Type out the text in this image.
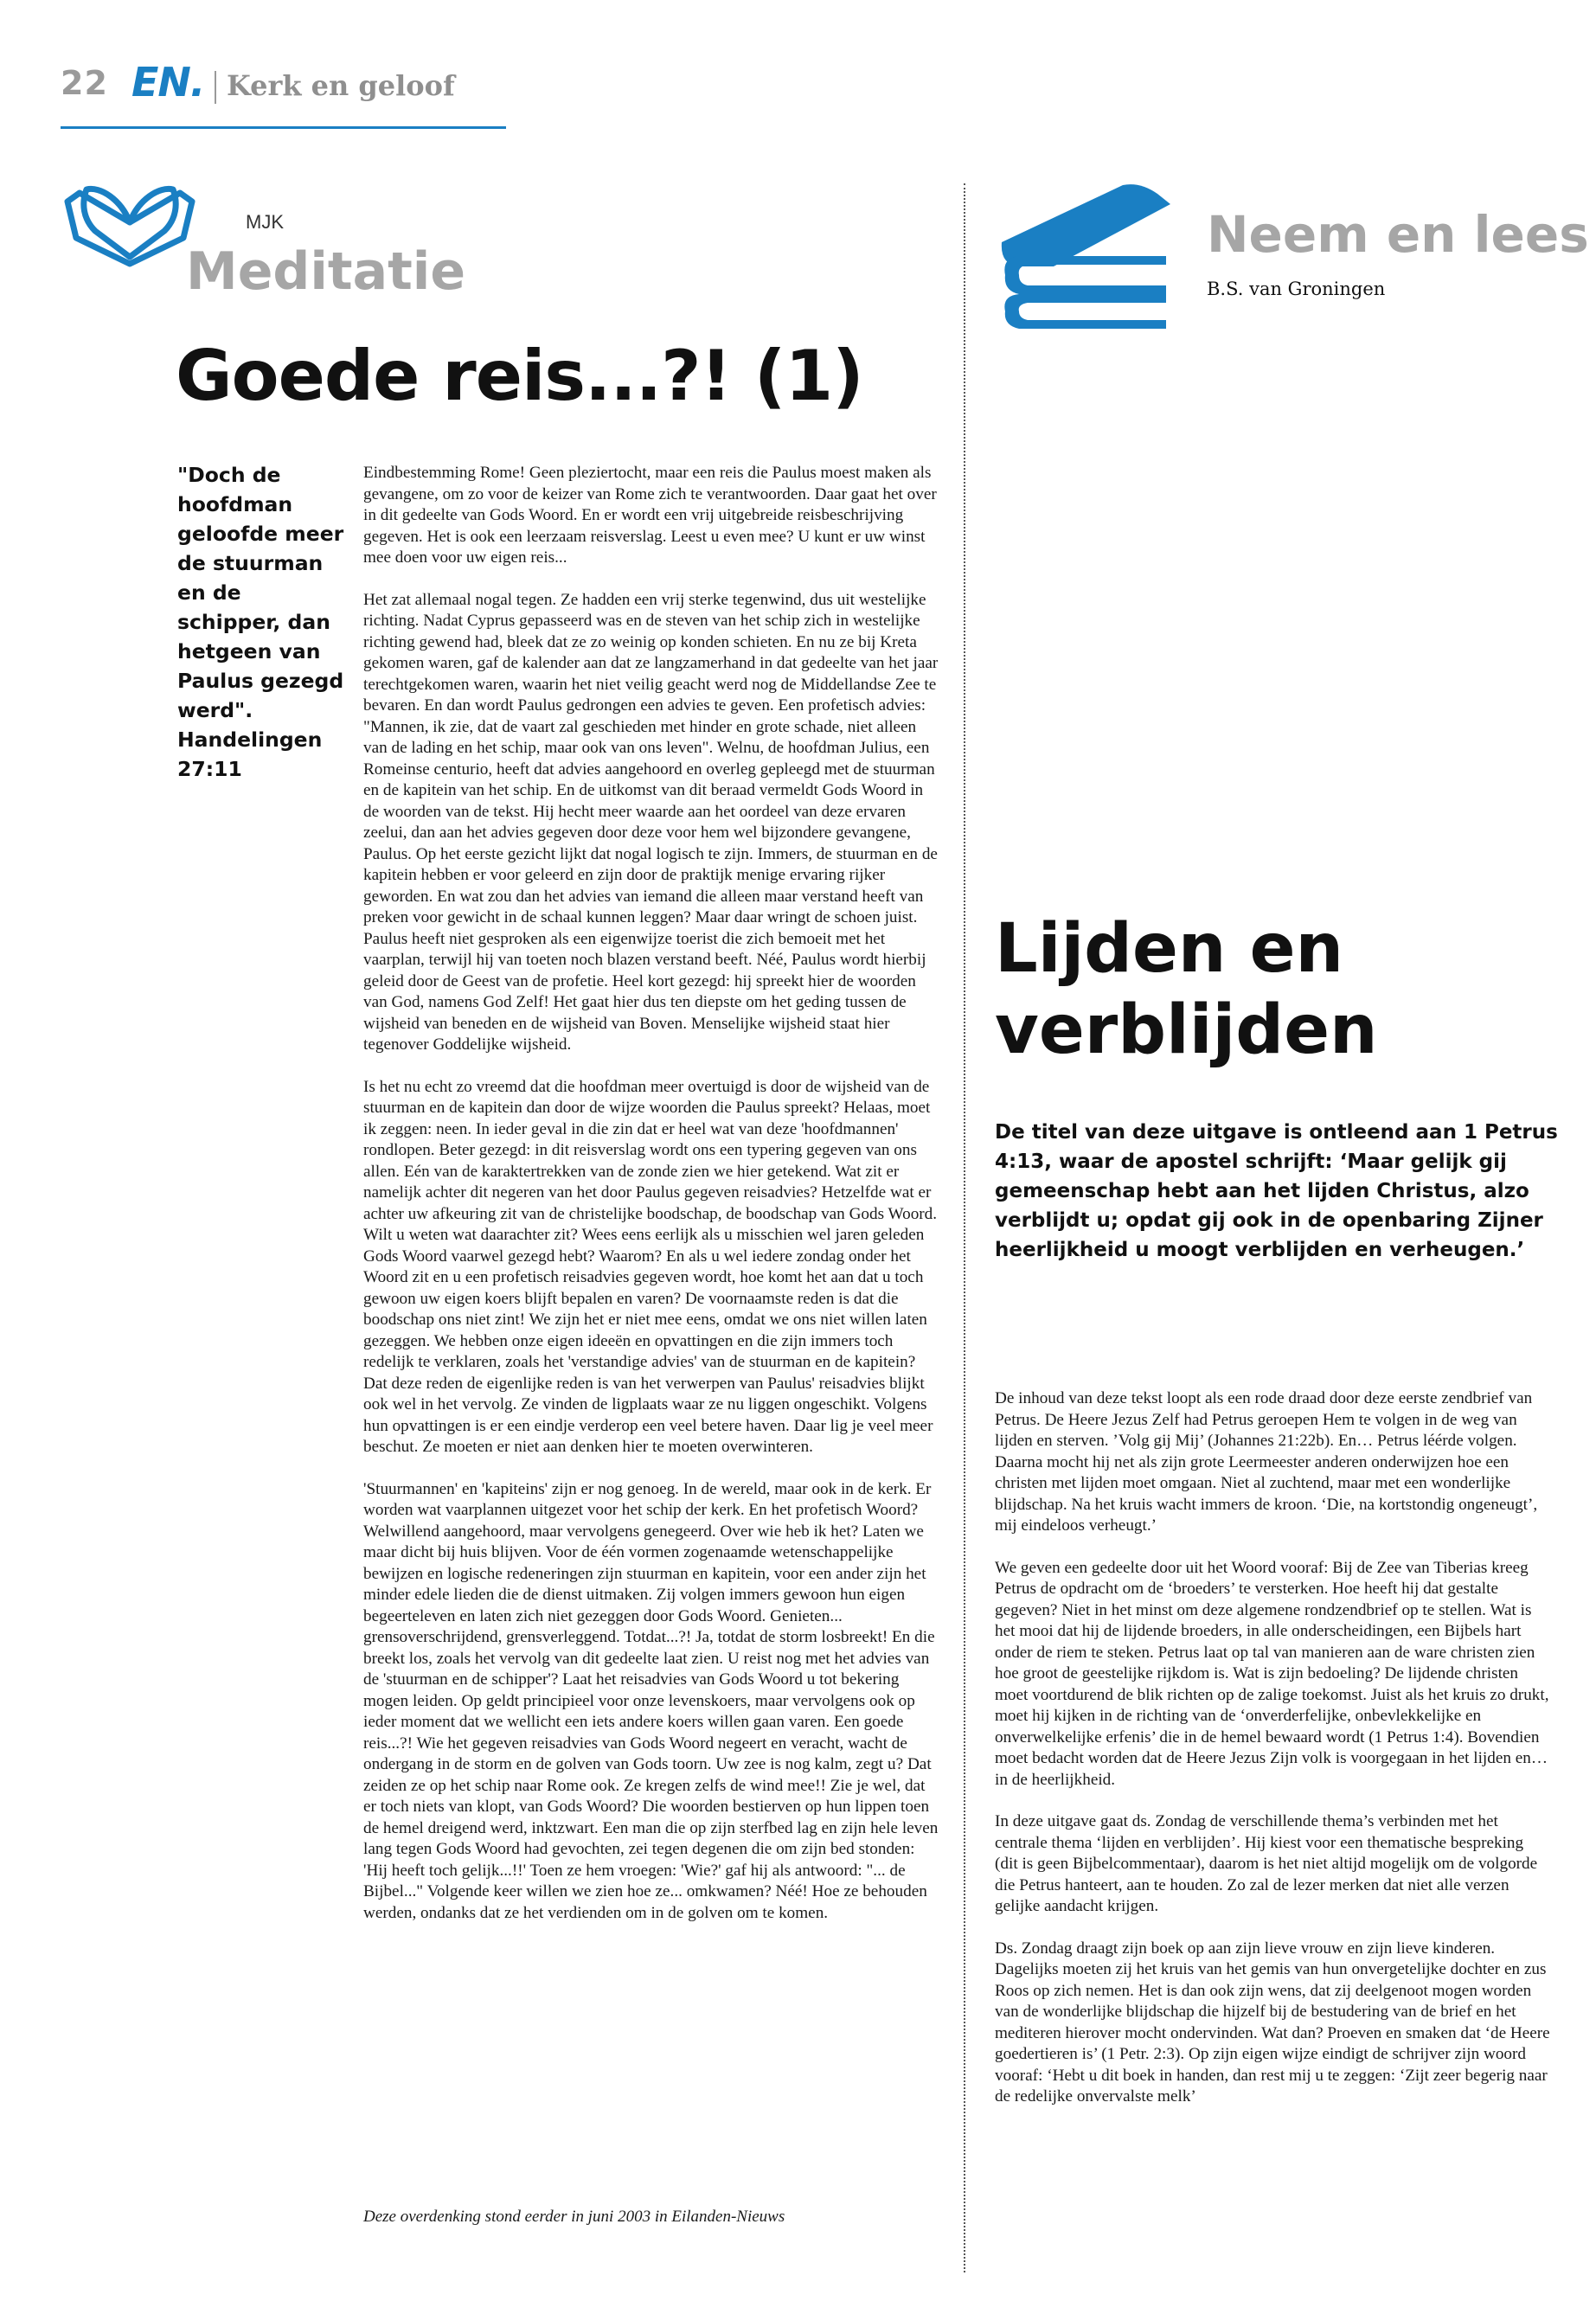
22 EN. Kerk en geloof
MJK
Meditatie
Goede reis...?! (1)
"Doch de hoofdman geloofde meer de stuurman en de schipper, dan hetgeen van Paulus gezegd werd". Handelingen 27:11

Eindbestemming Rome! Geen pleziertocht, maar een reis die Paulus moest maken als gevangene, om zo voor de keizer van Rome zich te verantwoorden. Daar gaat het over in dit gedeelte van Gods Woord. En er wordt een vrij uitgebreide reisbeschrijving gegeven. Het is ook een leerzaam reisverslag. Leest u even mee? U kunt er uw winst mee doen voor uw eigen reis...

Het zat allemaal nogal tegen. Ze hadden een vrij sterke tegenwind, dus uit westelijke richting. Nadat Cyprus gepasseerd was en de steven van het schip zich in westelijke richting gewend had, bleek dat ze zo weinig op konden schieten. En nu ze bij Kreta gekomen waren, gaf de kalender aan dat ze langzamerhand in dat gedeelte van het jaar terechtgekomen waren, waarin het niet veilig geacht werd nog de Middellandse Zee te bevaren. En dan wordt Paulus gedrongen een advies te geven. Een profetisch advies: "Mannen, ik zie, dat de vaart zal geschieden met hinder en grote schade, niet alleen van de lading en het schip, maar ook van ons leven". Welnu, de hoofdman Julius, een Romeinse centurio, heeft dat advies aangehoord en overleg gepleegd met de stuurman en de kapitein van het schip. En de uitkomst van dit beraad vermeldt Gods Woord in de woorden van de tekst. Hij hecht meer waarde aan het oordeel van deze ervaren zeelui, dan aan het advies gegeven door deze voor hem wel bijzondere gevangene, Paulus. Op het eerste gezicht lijkt dat nogal logisch te zijn. Immers, de stuurman en de kapitein hebben er voor geleerd en zijn door de praktijk menige ervaring rijker geworden. En wat zou dan het advies van iemand die alleen maar verstand heeft van preken voor gewicht in de schaal kunnen leggen? Maar daar wringt de schoen juist. Paulus heeft niet gesproken als een eigenwijze toerist die zich bemoeit met het vaarplan, terwijl hij van toeten noch blazen verstand beeft. Néé, Paulus wordt hierbij geleid door de Geest van de profetie. Heel kort gezegd: hij spreekt hier de woorden van God, namens God Zelf! Het gaat hier dus ten diepste om het geding tussen de wijsheid van beneden en de wijsheid van Boven. Menselijke wijsheid staat hier tegenover Goddelijke wijsheid.

Is het nu echt zo vreemd dat die hoofdman meer overtuigd is door de wijsheid van de stuurman en de kapitein dan door de wijze woorden die Paulus spreekt? Helaas, moet ik zeggen: neen. In ieder geval in die zin dat er heel wat van deze 'hoofdmannen' rondlopen. Beter gezegd: in dit reisverslag wordt ons een typering gegeven van ons allen. Eén van de karaktertrekken van de zonde zien we hier getekend. Wat zit er namelijk achter dit negeren van het door Paulus gegeven reisadvies? Hetzelfde wat er achter uw afkeuring zit van de christelijke boodschap, de boodschap van Gods Woord. Wilt u weten wat daarachter zit? Wees eens eerlijk als u misschien wel jaren geleden Gods Woord vaarwel gezegd hebt? Waarom? En als u wel iedere zondag onder het Woord zit en u een profetisch reisadvies gegeven wordt, hoe komt het aan dat u toch gewoon uw eigen koers blijft bepalen en varen? De voornaamste reden is dat die boodschap ons niet zint! We zijn het er niet mee eens, omdat we ons niet willen laten gezeggen. We hebben onze eigen ideeën en opvattingen en die zijn immers toch redelijk te verklaren, zoals het 'verstandige advies' van de stuurman en de kapitein? Dat deze reden de eigenlijke reden is van het verwerpen van Paulus' reisadvies blijkt ook wel in het vervolg. Ze vinden de ligplaats waar ze nu liggen ongeschikt. Volgens hun opvattingen is er een eindje verderop een veel betere haven. Daar lig je veel meer beschut. Ze moeten er niet aan denken hier te moeten overwinteren.

'Stuurmannen' en 'kapiteins' zijn er nog genoeg. In de wereld, maar ook in de kerk. Er worden wat vaarplannen uitgezet voor het schip der kerk. En het profetisch Woord? Welwillend aangehoord, maar vervolgens genegeerd. Over wie heb ik het? Laten we maar dicht bij huis blijven. Voor de één vormen zogenaamde wetenschappelijke bewijzen en logische redeneringen zijn stuurman en kapitein, voor een ander zijn het minder edele lieden die de dienst uitmaken. Zij volgen immers gewoon hun eigen begeerteleven en laten zich niet gezeggen door Gods Woord. Genieten... grensoverschrijdend, grensverleggend. Totdat...?! Ja, totdat de storm losbreekt! En die breekt los, zoals het vervolg van dit gedeelte laat zien. U reist nog met het advies van de 'stuurman en de schipper'? Laat het reisadvies van Gods Woord u tot bekering mogen leiden. Op geldt principieel voor onze levenskoers, maar vervolgens ook op ieder moment dat we wellicht een iets andere koers willen gaan varen. Een goede reis...?! Wie het gegeven reisadvies van Gods Woord negeert en veracht, wacht de ondergang in de storm en de golven van Gods toorn. Uw zee is nog kalm, zegt u? Dat zeiden ze op het schip naar Rome ook. Ze kregen zelfs de wind mee!! Zie je wel, dat er toch niets van klopt, van Gods Woord? Die woorden bestierven op hun lippen toen de hemel dreigend werd, inktzwart. Een man die op zijn sterfbed lag en zijn hele leven lang tegen Gods Woord had gevochten, zei tegen degenen die om zijn bed stonden: 'Hij heeft toch gelijk...!!' Toen ze hem vroegen: 'Wie?' gaf hij als antwoord: "... de Bijbel..." Volgende keer willen we zien hoe ze... omkwamen? Néé! Hoe ze behouden werden, ondanks dat ze het verdienden om in de golven om te komen.

Deze overdenking stond eerder in juni 2003 in Eilanden-Nieuws
Neem en lees
B.S. van Groningen
Lijden en verblijden
De titel van deze uitgave is ontleend aan 1 Petrus 4:13, waar de apostel schrijft: ‘Maar gelijk gij gemeenschap hebt aan het lijden Christus, alzo verblijdt u; opdat gij ook in de openbaring Zijner heerlijkheid u moogt verblijden en verheugen.’

De inhoud van deze tekst loopt als een rode draad door deze eerste zendbrief van Petrus. De Heere Jezus Zelf had Petrus geroepen Hem te volgen in de weg van lijden en sterven. ’Volg gij Mij’ (Johannes 21:22b). En… Petrus léérde volgen. Daarna mocht hij net als zijn grote Leermeester anderen onderwijzen hoe een christen met lijden moet omgaan. Niet al zuchtend, maar met een wonderlijke blijdschap. Na het kruis wacht immers de kroon. ‘Die, na kortstondig ongeneugt’, mij eindeloos verheugt.’

We geven een gedeelte door uit het Woord vooraf: Bij de Zee van Tiberias kreeg Petrus de opdracht om de ‘broeders’ te versterken. Hoe heeft hij dat gestalte gegeven? Niet in het minst om deze algemene rondzendbrief op te stellen. Wat is het mooi dat hij de lijdende broeders, in alle onderscheidingen, een Bijbels hart onder de riem te steken. Petrus laat op tal van manieren aan de ware christen zien hoe groot de geestelijke rijkdom is. Wat is zijn bedoeling? De lijdende christen moet voortdurend de blik richten op de zalige toekomst. Juist als het kruis zo drukt, moet hij kijken in de richting van de ‘onverderfelijke, onbevlekkelijke en onverwelkelijke erfenis’ die in de hemel bewaard wordt (1 Petrus 1:4). Bovendien moet bedacht worden dat de Heere Jezus Zijn volk is voorgegaan in het lijden en… in de heerlijkheid.

In deze uitgave gaat ds. Zondag de verschillende thema’s verbinden met het centrale thema ‘lijden en verblijden’. Hij kiest voor een thematische bespreking (dit is geen Bijbelcommentaar), daarom is het niet altijd mogelijk om de volgorde die Petrus hanteert, aan te houden. Zo zal de lezer merken dat niet alle verzen gelijke aandacht krijgen.

Ds. Zondag draagt zijn boek op aan zijn lieve vrouw en zijn lieve kinderen. Dagelijks moeten zij het kruis van het gemis van hun onvergetelijke dochter en zus Roos op zich nemen. Het is dan ook zijn wens, dat zij deelgenoot mogen worden van de wonderlijke blijdschap die hijzelf bij de bestudering van de brief en het mediteren hierover mocht ondervinden. Wat dan? Proeven en smaken dat ‘de Heere goedertieren is’ (1 Petr. 2:3). Op zijn eigen wijze eindigt de schrijver zijn woord vooraf: ‘Hebt u dit boek in handen, dan rest mij u te zeggen: ‘Zijt zeer begerig naar de redelijke onvervalste melk’
